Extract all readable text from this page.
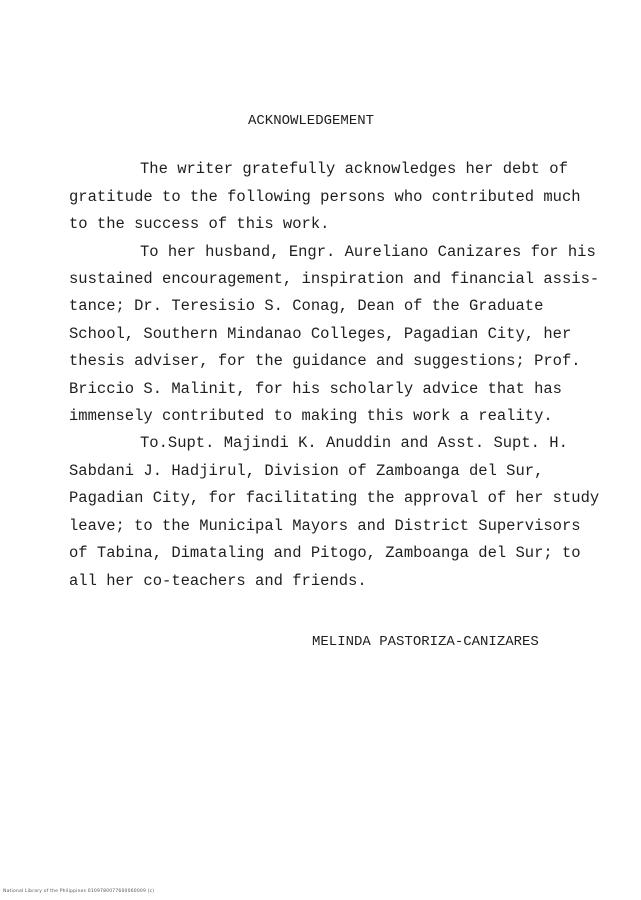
ACKNOWLEDGEMENT
The writer gratefully acknowledges her debt of
gratitude to the following persons who contributed much
to the success of this work.
To her husband, Engr. Aureliano Canizares for his
sustained encouragement, inspiration and financial assis-
tance; Dr. Teresisio S. Conag, Dean of the Graduate
School, Southern Mindanao Colleges, Pagadian City, her
thesis adviser, for the guidance and suggestions; Prof.
Briccio S. Malinit, for his scholarly advice that has
immensely contributed to making this work a reality.
To.Supt. Majindi K. Anuddin and Asst. Supt. H.
Sabdani J. Hadjirul, Division of Zamboanga del Sur,
Pagadian City, for facilitating the approval of her study
leave; to the Municipal Mayors and District Supervisors
of Tabina, Dimataling and Pitogo, Zamboanga del Sur; to
all her co-teachers and friends.
MELINDA PASTORIZA-CANIZARES
National Library of the Philippines 0109780077600060009 (c)
